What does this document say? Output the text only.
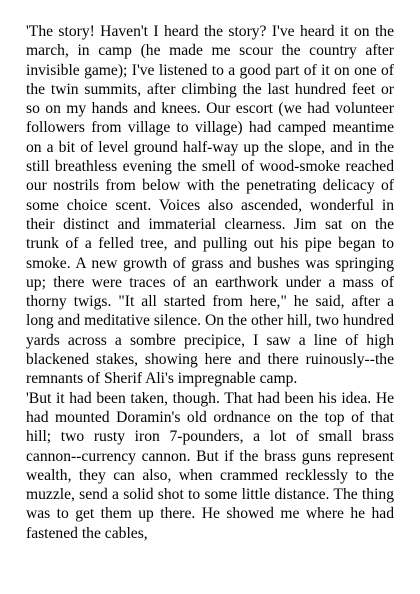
'The story! Haven't I heard the story? I've heard it on the march, in camp (he made me scour the country after invisible game); I've listened to a good part of it on one of the twin summits, after climbing the last hundred feet or so on my hands and knees. Our escort (we had volunteer followers from village to village) had camped meantime on a bit of level ground half-way up the slope, and in the still breathless evening the smell of wood-smoke reached our nostrils from below with the penetrating delicacy of some choice scent. Voices also ascended, wonderful in their distinct and immaterial clearness. Jim sat on the trunk of a felled tree, and pulling out his pipe began to smoke. A new growth of grass and bushes was springing up; there were traces of an earthwork under a mass of thorny twigs. "It all started from here," he said, after a long and meditative silence. On the other hill, two hundred yards across a sombre precipice, I saw a line of high blackened stakes, showing here and there ruinously--the remnants of Sherif Ali's impregnable camp.

'But it had been taken, though. That had been his idea. He had mounted Doramin's old ordnance on the top of that hill; two rusty iron 7-pounders, a lot of small brass cannon--currency cannon. But if the brass guns represent wealth, they can also, when crammed recklessly to the muzzle, send a solid shot to some little distance. The thing was to get them up there. He showed me where he had fastened the cables,
